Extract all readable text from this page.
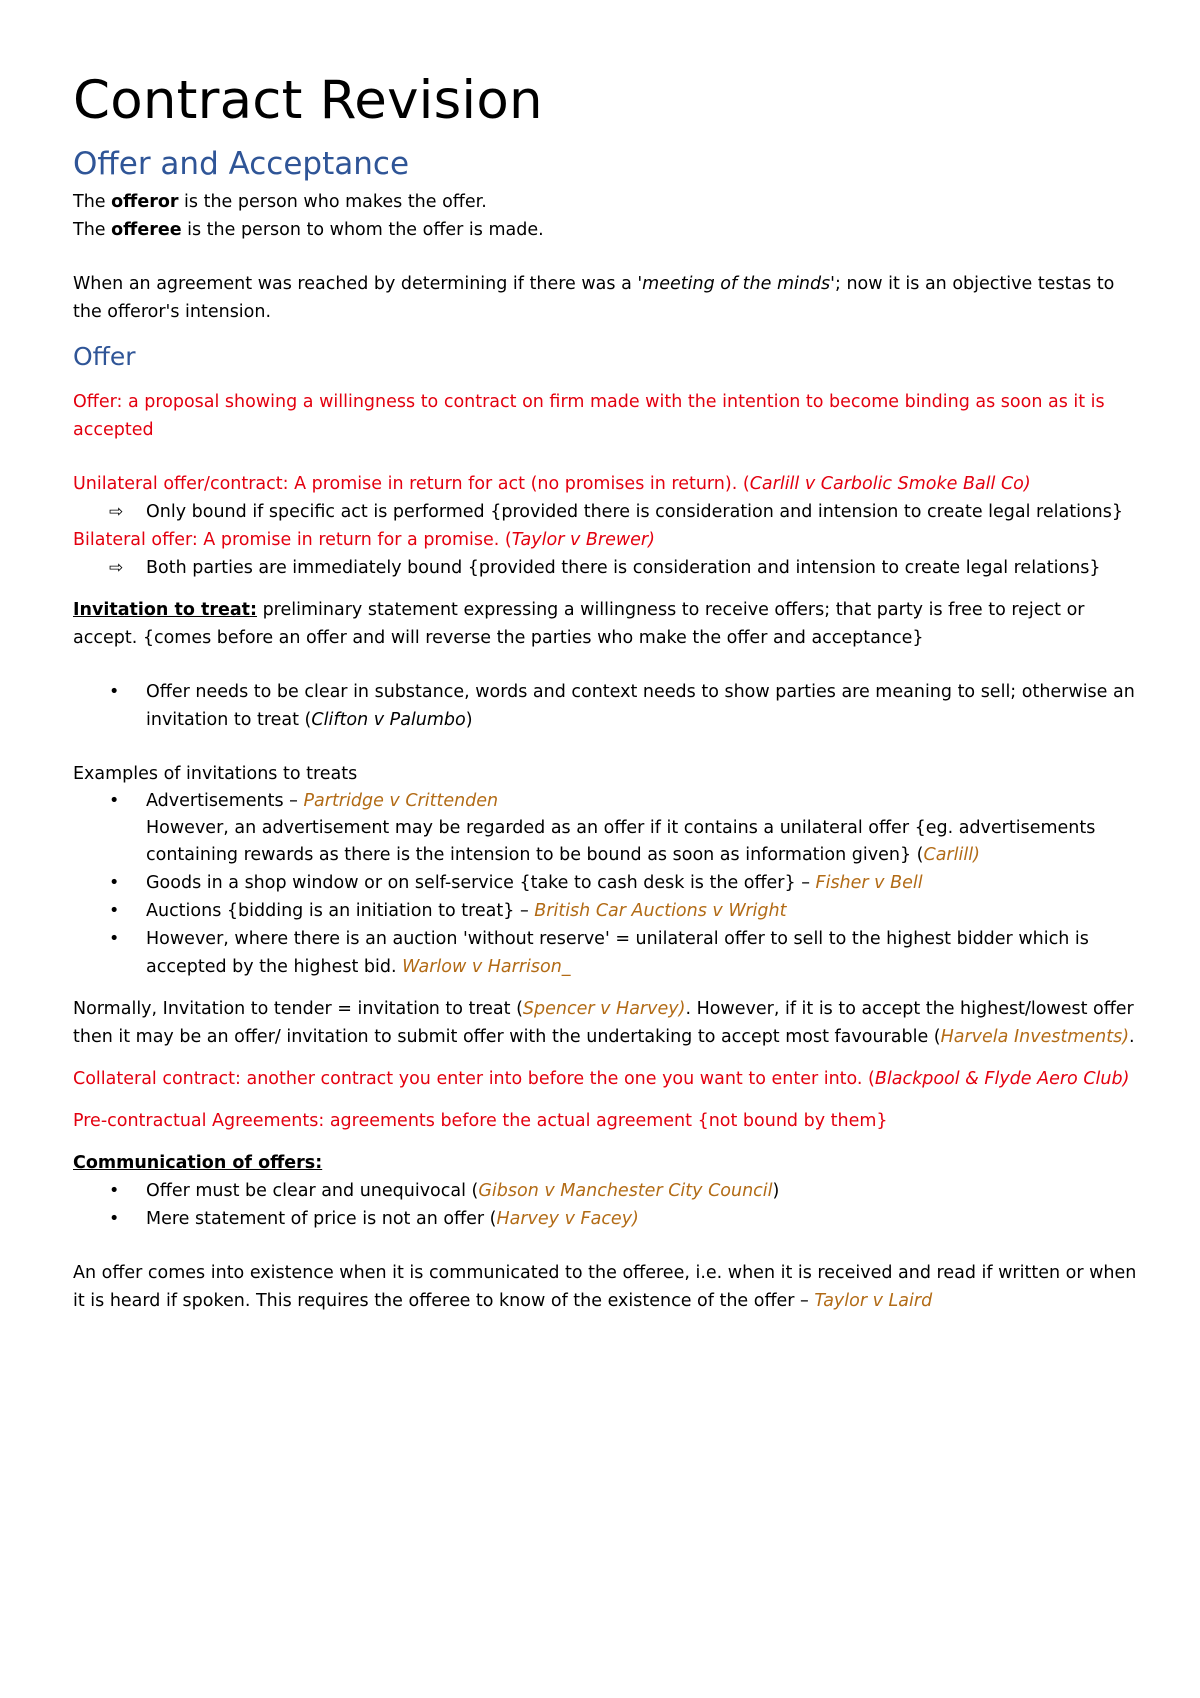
Contract Revision
Offer and Acceptance

The offeror is the person who makes the offer.

The offeree is the person to whom the offer is made.

When an agreement was reached by determining if there was a 'meeting of the minds'; now it is an objective testas to the offeror's intension.

Offer

Offer: a proposal showing a willingness to contract on firm made with the intention to become binding as soon as it is accepted

Unilateral offer/contract: A promise in return for act (no promises in return). (Carlill v Carbolic Smoke Ball Co)

⇨ Only bound if specific act is performed {provided there is consideration and intension to create legal relations}

Bilateral offer: A promise in return for a promise. (Taylor v Brewer)

⇨ Both parties are immediately bound {provided there is consideration and intension to create legal relations}

Invitation to treat: preliminary statement expressing a willingness to receive offers; that party is free to reject or accept. {comes before an offer and will reverse the parties who make the offer and acceptance}

• Offer needs to be clear in substance, words and context needs to show parties are meaning to sell; otherwise an invitation to treat (Clifton v Palumbo)

Examples of invitations to treats

• Advertisements – Partridge v Crittenden
However, an advertisement may be regarded as an offer if it contains a unilateral offer {eg. advertisements containing rewards as there is the intension to be bound as soon as information given} (Carlill)
• Goods in a shop window or on self-service {take to cash desk is the offer} – Fisher v Bell
• Auctions {bidding is an initiation to treat} – British Car Auctions v Wright
• However, where there is an auction 'without reserve' = unilateral offer to sell to the highest bidder which is accepted by the highest bid. Warlow v Harrison_

Normally, Invitation to tender = invitation to treat (Spencer v Harvey). However, if it is to accept the highest/lowest offer then it may be an offer/ invitation to submit offer with the undertaking to accept most favourable (Harvela Investments).

Collateral contract: another contract you enter into before the one you want to enter into. (Blackpool & Flyde Aero Club)

Pre-contractual Agreements: agreements before the actual agreement {not bound by them}

Communication of offers:

• Offer must be clear and unequivocal (Gibson v Manchester City Council)
• Mere statement of price is not an offer (Harvey v Facey)

An offer comes into existence when it is communicated to the offeree, i.e. when it is received and read if written or when it is heard if spoken. This requires the offeree to know of the existence of the offer – Taylor v Laird
